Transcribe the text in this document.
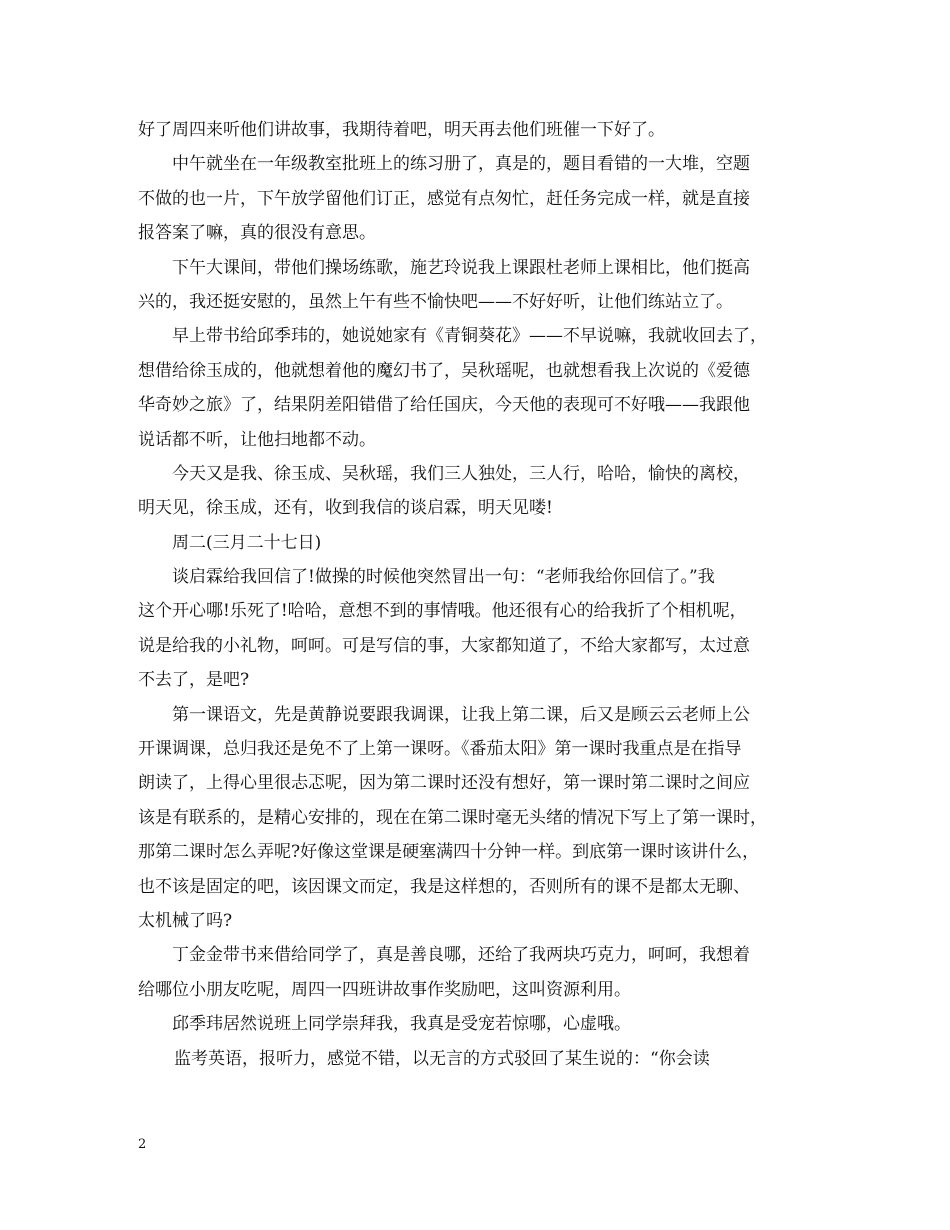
好了周四来听他们讲故事，我期待着吧，明天再去他们班催一下好了。
中午就坐在一年级教室批班上的练习册了，真是的，题目看错的一大堆，空题
不做的也一片，下午放学留他们订正，感觉有点匆忙，赶任务完成一样，就是直接
报答案了嘛，真的很没有意思。
下午大课间，带他们操场练歌，施艺玲说我上课跟杜老师上课相比，他们挺高
兴的，我还挺安慰的，虽然上午有些不愉快吧——不好好听，让他们练站立了。
早上带书给邱季玮的，她说她家有《青铜葵花》——不早说嘛，我就收回去了，
想借给徐玉成的，他就想着他的魔幻书了，吴秋瑶呢，也就想看我上次说的《爱德
华奇妙之旅》了，结果阴差阳错借了给任国庆，今天他的表现可不好哦——我跟他
说话都不听，让他扫地都不动。
今天又是我、徐玉成、吴秋瑶，我们三人独处，三人行，哈哈，愉快的离校，
明天见，徐玉成，还有，收到我信的谈启霖，明天见喽!
周二(三月二十七日)
谈启霖给我回信了!做操的时候他突然冒出一句：“老师我给你回信了。”我
这个开心哪!乐死了!哈哈，意想不到的事情哦。他还很有心的给我折了个相机呢，
说是给我的小礼物，呵呵。可是写信的事，大家都知道了，不给大家都写，太过意
不去了，是吧?
第一课语文，先是黄静说要跟我调课，让我上第二课，后又是顾云云老师上公
开课调课，总归我还是免不了上第一课呀。《番茄太阳》第一课时我重点是在指导
朗读了，上得心里很忐忑呢，因为第二课时还没有想好，第一课时第二课时之间应
该是有联系的，是精心安排的，现在在第二课时毫无头绪的情况下写上了第一课时，
那第二课时怎么弄呢?好像这堂课是硬塞满四十分钟一样。到底第一课时该讲什么，
也不该是固定的吧，该因课文而定，我是这样想的，否则所有的课不是都太无聊、
太机械了吗?
丁金金带书来借给同学了，真是善良哪，还给了我两块巧克力，呵呵，我想着
给哪位小朋友吃呢，周四一四班讲故事作奖励吧，这叫资源利用。
邱季玮居然说班上同学崇拜我，我真是受宠若惊哪，心虚哦。
监考英语，报听力，感觉不错，以无言的方式驳回了某生说的：“你会读
2
